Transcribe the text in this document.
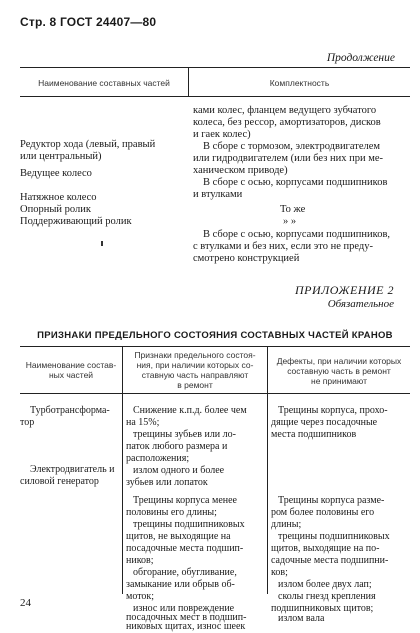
Стр. 8 ГОСТ 24407—80
Продолжение
Наименование составных частей	Комплектность
ками колес, фланцем ведущего зубчатого
колеса, без рессор, амортизаторов, дисков
и гаек колес)
В сборе с тормозом, электродвигателем
или гидродвигателем (или без них при ме-
ханическом приводе)
В сборе с осью, корпусами подшипников
и втулками
То же
» »
В сборе с осью, корпусами подшипников,
с втулками и без них, если это не преду-
смотрено конструкцией
Редуктор хода (левый, правый
или центральный)
Ведущее колесо
Натяжное колесо
Опорный ролик
Поддерживающий ролик
ПРИЛОЖЕНИЕ 2
Обязательное
ПРИЗНАКИ ПРЕДЕЛЬНОГО СОСТОЯНИЯ СОСТАВНЫХ ЧАСТЕЙ КРАНОВ
Наименование состав-
ных частей
Признаки предельного состоя-
ния, при наличии которых со-
ставную часть направляют
в ремонт
Дефекты, при наличии которых
составную часть в ремонт
не принимают
Турботрансформа-
тор
Электродвигатель и
силовой генератор
Снижение к.п.д. более чем
на 15%;
трещины зубьев или ло-
паток любого размера и
расположения;
излом одного и более
зубьев или лопаток
Трещины корпуса менее
половины его длины;
трещины подшипниковых
щитов, не выходящие на
посадочные места подшип-
ников;
обгорание, обугливание,
замыкание или обрыв об-
моток;
износ или повреждение
посадочных мест в подшип-
никовых щитах, износ шеек
Трещины корпуса, прохо-
дящие через посадочные
места подшипников
Трещины корпуса разме-
ром более половины его
длины;
трещины подшипниковых
щитов, выходящие на по-
садочные места подшипни-
ков;
излом более двух лап;
сколы гнезд крепления
подшипниковых щитов;
излом вала
24
